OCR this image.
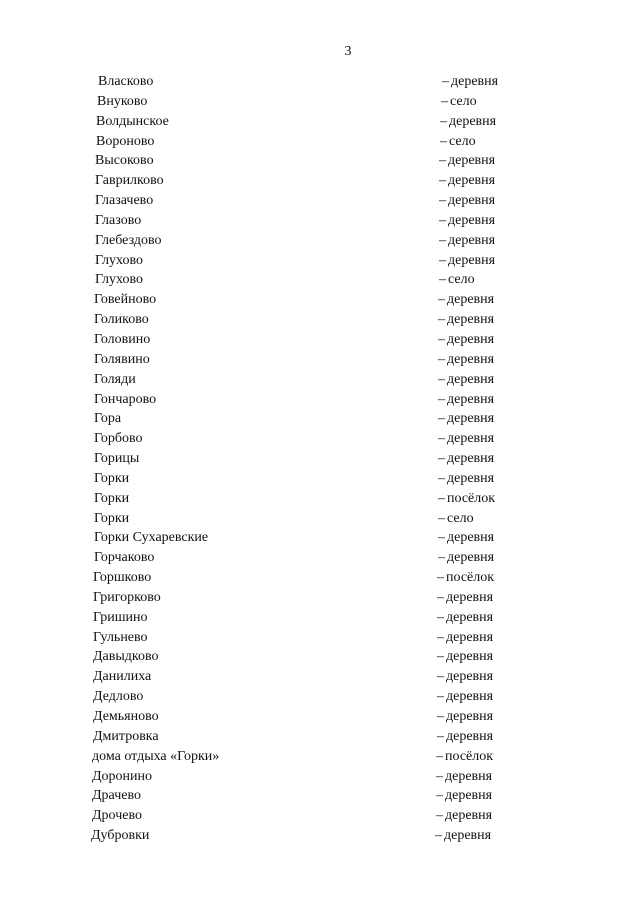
3
Власково	– деревня
Внуково	– село
Волдынское	– деревня
Вороново	– село
Высоково	– деревня
Гаврилково	– деревня
Глазачево	– деревня
Глазово	– деревня
Глебездово	– деревня
Глухово	– деревня
Глухово	– село
Говейново	– деревня
Голиково	– деревня
Головино	– деревня
Голявино	– деревня
Голяди	– деревня
Гончарово	– деревня
Гора	– деревня
Горбово	– деревня
Горицы	– деревня
Горки	– деревня
Горки	– посёлок
Горки	– село
Горки Сухаревские	– деревня
Горчаково	– деревня
Горшково	– посёлок
Григорково	– деревня
Гришино	– деревня
Гульнево	– деревня
Давыдково	– деревня
Данилиха	– деревня
Дедлово	– деревня
Демьяново	– деревня
Дмитровка	– деревня
дома отдыха «Горки»	– посёлок
Доронино	– деревня
Драчево	– деревня
Дрочево	– деревня
Дубровки	– деревня
